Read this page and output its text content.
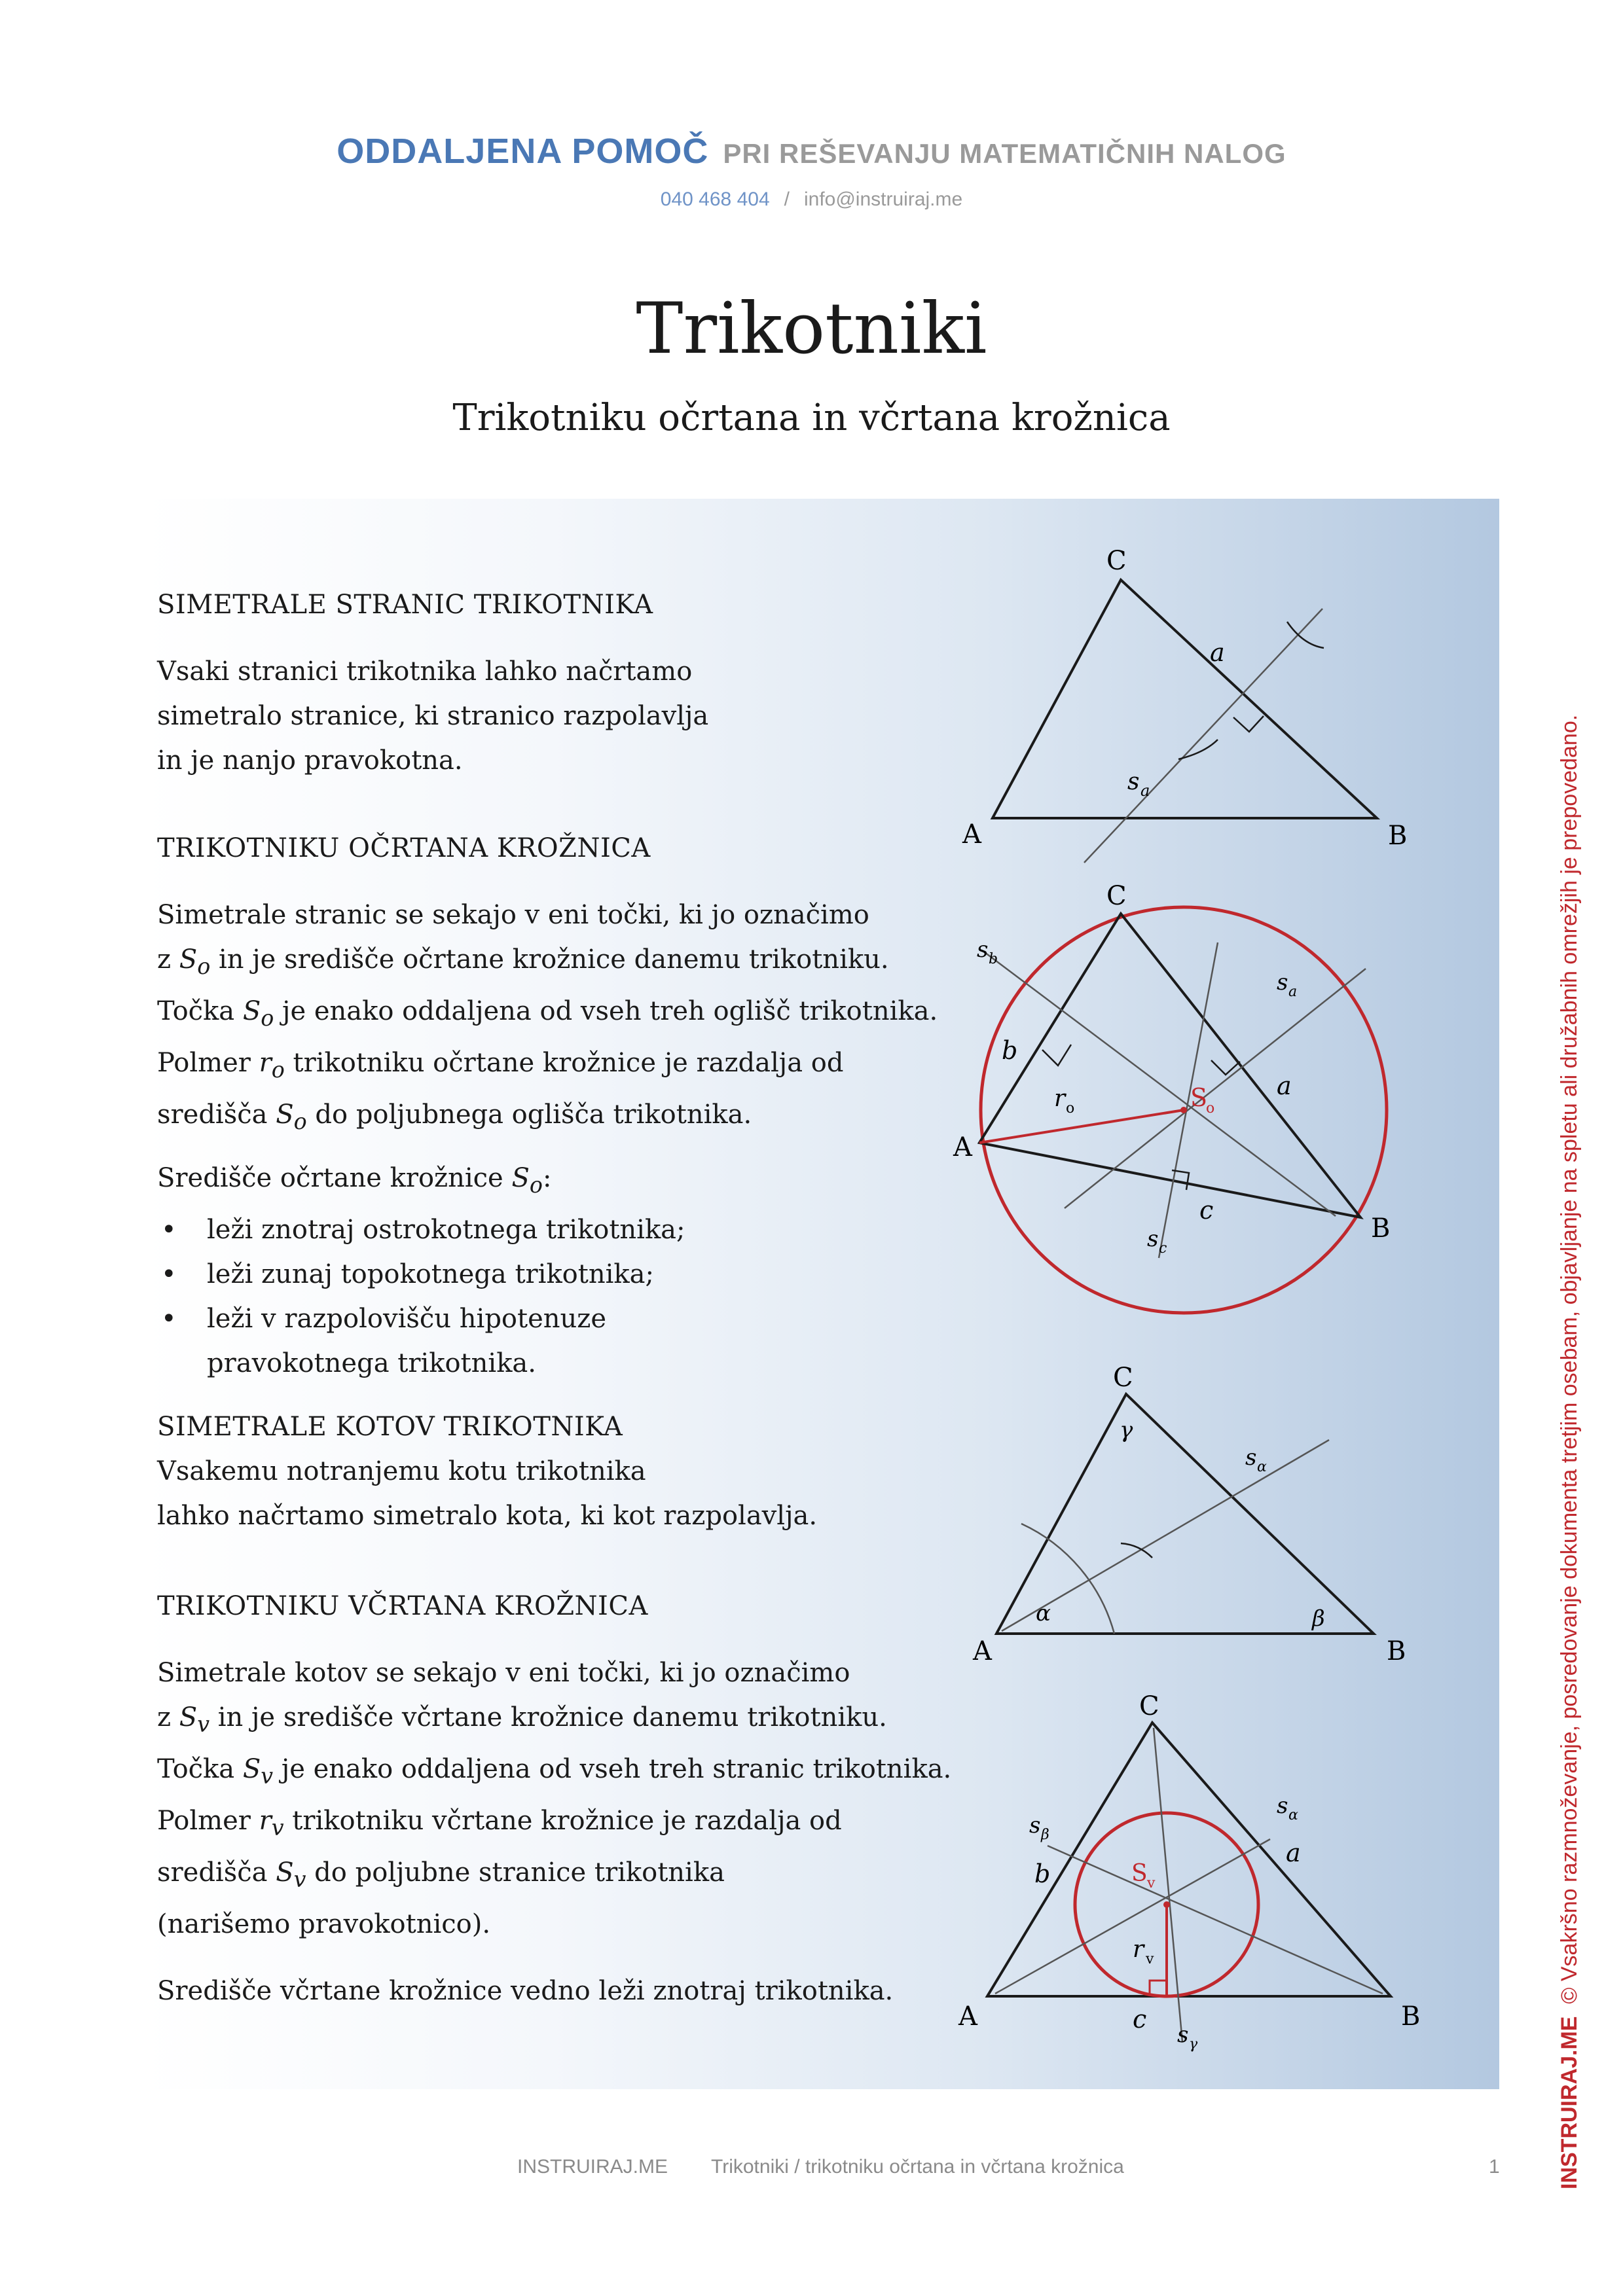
ODDALJENA POMOČ PRI REŠEVANJU MATEMATIČNIH NALOG
040 468 404 / info@instruiraj.me
Trikotniki
Trikotniku očrtana in včrtana krožnica
SIMETRALE STRANIC TRIKOTNIKA

Vsaki stranici trikotnika lahko načrtamo

simetralo stranice, ki stranico razpolavlja

in je nanjo pravokotna.

TRIKOTNIKU OČRTANA KROŽNICA

Simetrale stranic se sekajo v eni točki, ki jo označimo

z $S_o$ in je središče očrtane krožnice danemu trikotniku.

Točka $S_o$ je enako oddaljena od vseh treh oglišč trikotnika.

Polmer $r_o$ trikotniku očrtane krožnice je razdalja od

središča $S_o$ do poljubnega oglišča trikotnika.

Središče očrtane krožnice $S_o$:

• leži znotraj ostrokotnega trikotnika;
• leži zunaj topokotnega trikotnika;
• leži v razpolovišču hipotenuze

pravokotnega trikotnika.

SIMETRALE KOTOV TRIKOTNIKA

Vsakemu notranjemu kotu trikotnika

lahko načrtamo simetralo kota, ki kot razpolavlja.

TRIKOTNIKU VČRTANA KROŽNICA

Simetrale kotov se sekajo v eni točki, ki jo označimo

z $S_v$ in je središče včrtane krožnice danemu trikotniku.

Točka $S_v$ je enako oddaljena od vseh treh stranic trikotnika.

Polmer $r_v$ trikotniku včrtane krožnice je razdalja od

središča $S_v$ do poljubne stranice trikotnika

(narišemo pravokotnico).

Središče včrtane krožnice vedno leži znotraj trikotnika.

C
A	B
a
s a
C
A
B
a
b
c
s b
s a
s c
r o	S
o
C
A	B
α	β
γ
s α
C
A	B
a
b
c
s α
s β
s γ
r v
S v
INSTRUIRAJ.ME  © Vsakršno razmnoževanje, posredovanje dokumenta tretjim osebam, objavljanje na spletu ali družabnih omrežjih je prepovedano.
INSTRUIRAJ.ME Trikotniki / trikotniku očrtana in včrtana krožnica	1
